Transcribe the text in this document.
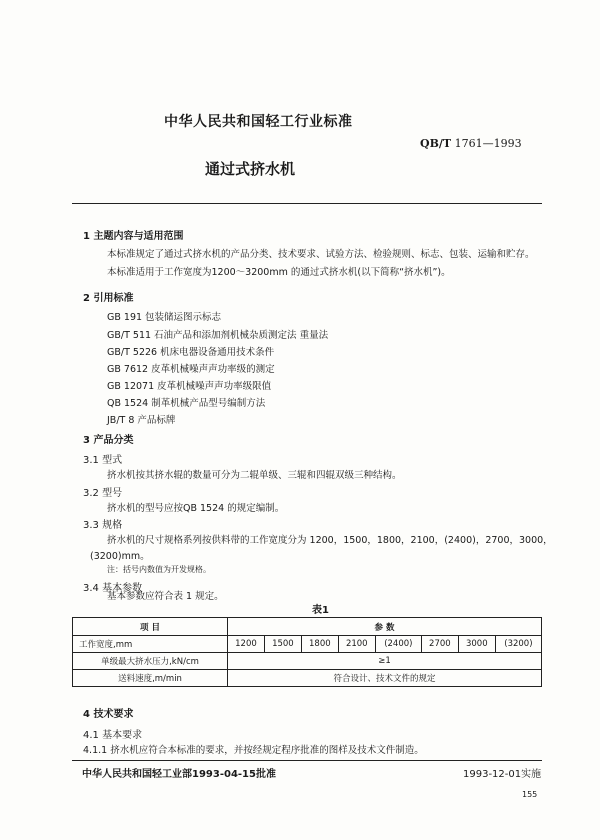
中华人民共和国轻工行业标准
QB/T 1761—1993
通过式挤水机
1 主题内容与适用范围
本标准规定了通过式挤水机的产品分类、技术要求、试验方法、检验规则、标志、包装、运输和贮存。
本标准适用于工作宽度为1200～3200mm 的通过式挤水机(以下简称“挤水机”)。
2 引用标准
GB 191 包装储运图示标志
GB/T 511 石油产品和添加剂机械杂质测定法 重量法
GB/T 5226 机床电器设备通用技术条件
GB 7612 皮革机械噪声声功率级的测定
GB 12071 皮革机械噪声声功率级限值
QB 1524 制革机械产品型号编制方法
JB/T 8 产品标牌
3 产品分类
3.1 型式
挤水机按其挤水辊的数量可分为二辊单级、三辊和四辊双级三种结构。
3.2 型号
挤水机的型号应按QB 1524 的规定编制。
3.3 规格
挤水机的尺寸规格系列按供料带的工作宽度分为 1200，1500，1800，2100，(2400)，2700，3000，
(3200)mm。
注：括号内数值为开发规格。
3.4 基本参数
基本参数应符合表 1 规定。
表1
项 目	参 数							
工作宽度,mm	1200	1500	1800	2100	(2400)	2700	3000	(3200)
单级最大挤水压力,kN/cm	≥1							
送料速度,m/min	符合设计、技术文件的规定							
4 技术要求
4.1 基本要求
4.1.1 挤水机应符合本标准的要求，并按经规定程序批准的图样及技术文件制造。
中华人民共和国轻工业部1993-04-15批准	1993-12-01实施
155
